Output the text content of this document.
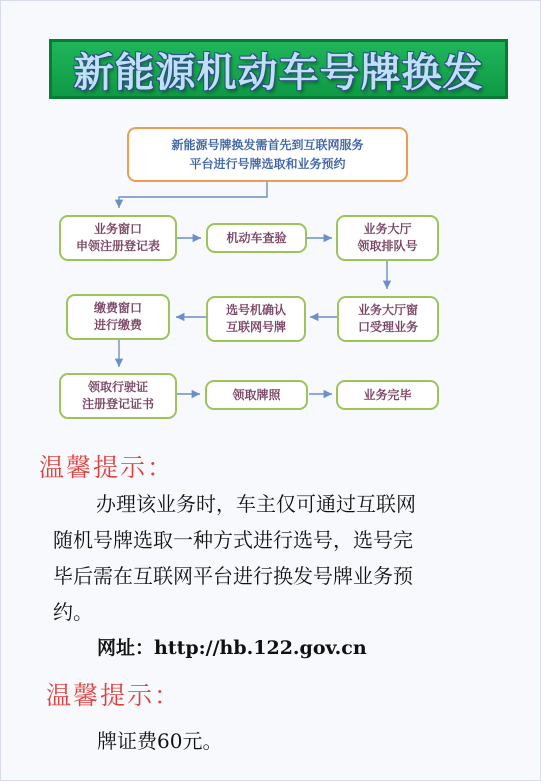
新能源机动车号牌换发
新能源号牌换发需首先到互联网服务
平台进行号牌选取和业务预约
业务窗口
申领注册登记表
机动车查验
业务大厅
领取排队号
业务大厅窗
口受理业务
选号机确认
互联网号牌
缴费窗口
进行缴费
领取行驶证
注册登记证书
领取牌照	业务完毕
温馨提示：
办理该业务时，车主仅可通过互联网
随机号牌选取一种方式进行选号，选号完
毕后需在互联网平台进行换发号牌业务预
约。
网址：http://hb.122.gov.cn
温馨提示：
牌证费60元。
